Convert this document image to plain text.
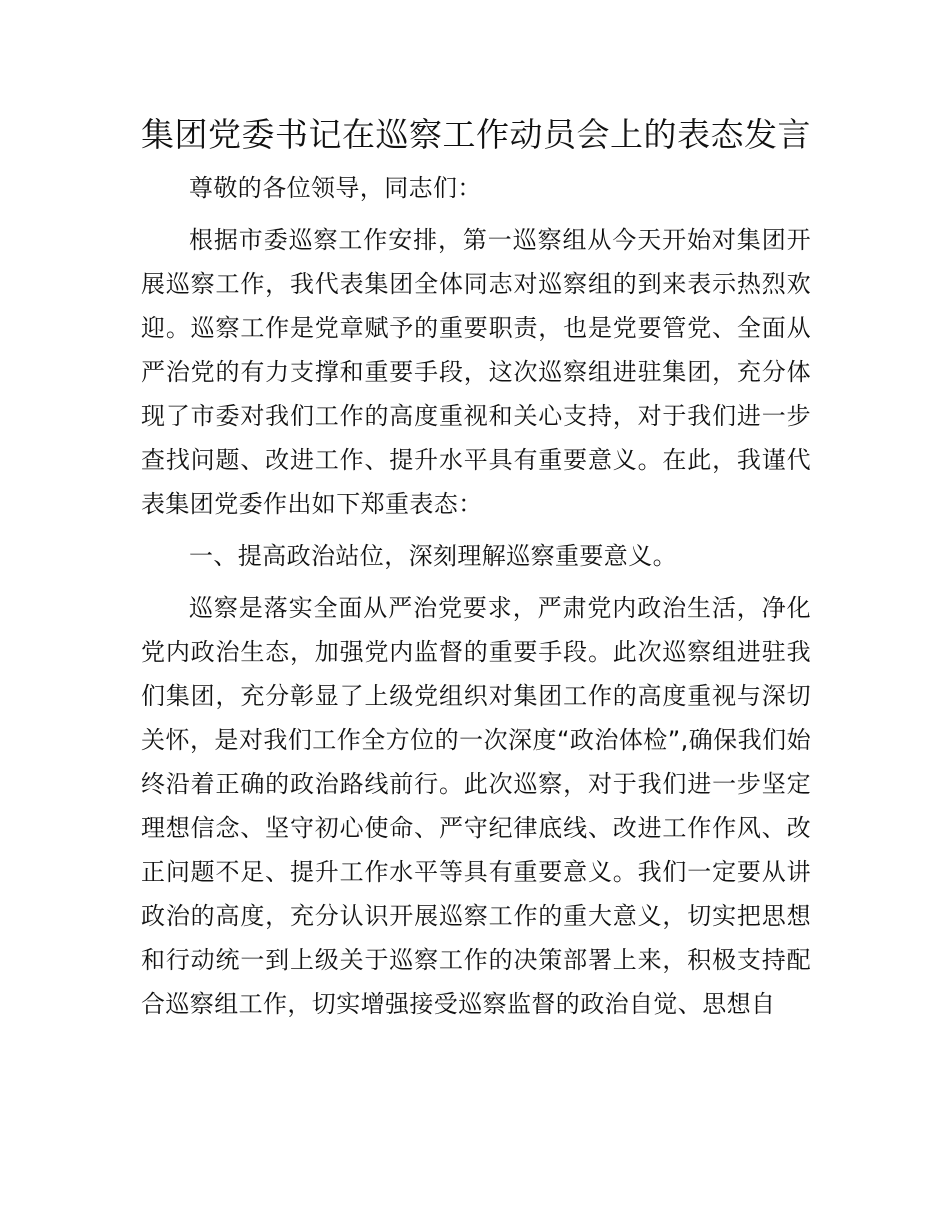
集团党委书记在巡察工作动员会上的表态发言

尊敬的各位领导，同志们：

根据市委巡察工作安排，第一巡察组从今天开始对集团开展巡察工作，我代表集团全体同志对巡察组的到来表示热烈欢迎。巡察工作是党章赋予的重要职责，也是党要管党、全面从严治党的有力支撑和重要手段，这次巡察组进驻集团，充分体现了市委对我们工作的高度重视和关心支持，对于我们进一步查找问题、改进工作、提升水平具有重要意义。在此，我谨代表集团党委作出如下郑重表态：

一、提高政治站位，深刻理解巡察重要意义。

巡察是落实全面从严治党要求，严肃党内政治生活，净化党内政治生态，加强党内监督的重要手段。此次巡察组进驻我们集团，充分彰显了上级党组织对集团工作的高度重视与深切关怀，是对我们工作全方位的一次深度“政治体检”,确保我们始终沿着正确的政治路线前行。此次巡察，对于我们进一步坚定理想信念、坚守初心使命、严守纪律底线、改进工作作风、改正问题不足、提升工作水平等具有重要意义。我们一定要从讲政治的高度，充分认识开展巡察工作的重大意义，切实把思想和行动统一到上级关于巡察工作的决策部署上来，积极支持配合巡察组工作，切实增强接受巡察监督的政治自觉、思想自
